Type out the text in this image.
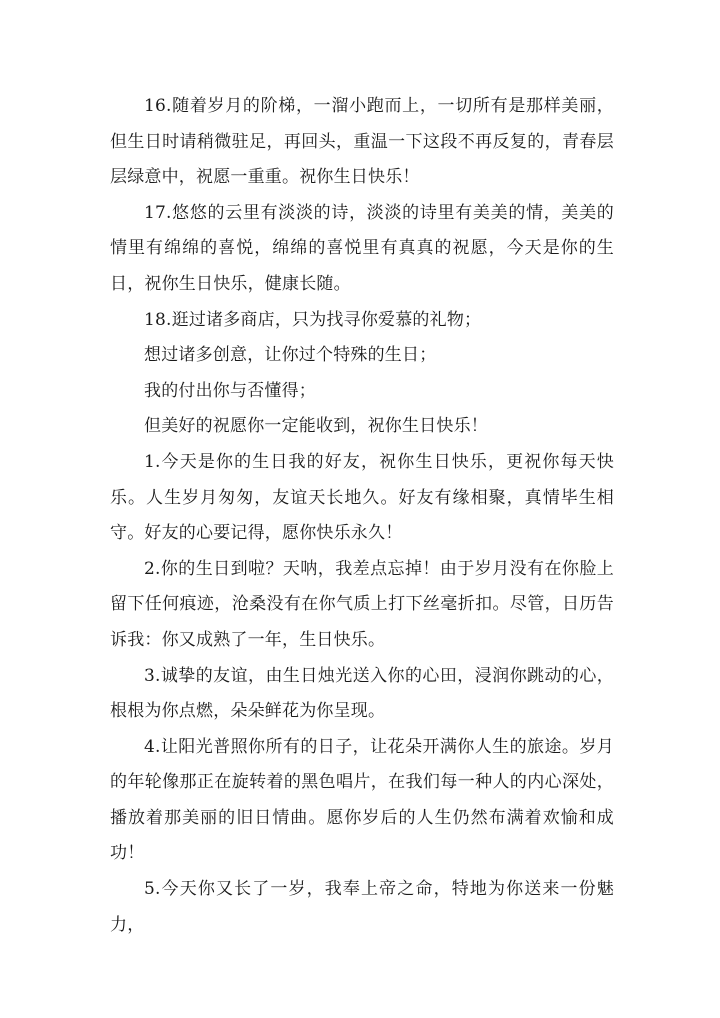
16.随着岁月的阶梯，一溜小跑而上，一切所有是那样美丽，但生日时请稍微驻足，再回头，重温一下这段不再反复的，青春层层绿意中，祝愿一重重。祝你生日快乐！

17.悠悠的云里有淡淡的诗，淡淡的诗里有美美的情，美美的情里有绵绵的喜悦，绵绵的喜悦里有真真的祝愿，今天是你的生日，祝你生日快乐，健康长随。

18.逛过诸多商店，只为找寻你爱慕的礼物；

想过诸多创意，让你过个特殊的生日；

我的付出你与否懂得；

但美好的祝愿你一定能收到，祝你生日快乐！

1.今天是你的生日我的好友，祝你生日快乐，更祝你每天快乐。人生岁月匆匆，友谊天长地久。好友有缘相聚，真情毕生相守。好友的心要记得，愿你快乐永久！

2.你的生日到啦？天呐，我差点忘掉！由于岁月没有在你脸上留下任何痕迹，沧桑没有在你气质上打下丝毫折扣。尽管，日历告诉我：你又成熟了一年，生日快乐。

3.诚挚的友谊，由生日烛光送入你的心田，浸润你跳动的心，根根为你点燃，朵朵鲜花为你呈现。

4.让阳光普照你所有的日子，让花朵开满你人生的旅途。岁月的年轮像那正在旋转着的黑色唱片，在我们每一种人的内心深处，播放着那美丽的旧日情曲。愿你岁后的人生仍然布满着欢愉和成功！

5.今天你又长了一岁，我奉上帝之命，特地为你送来一份魅力，
